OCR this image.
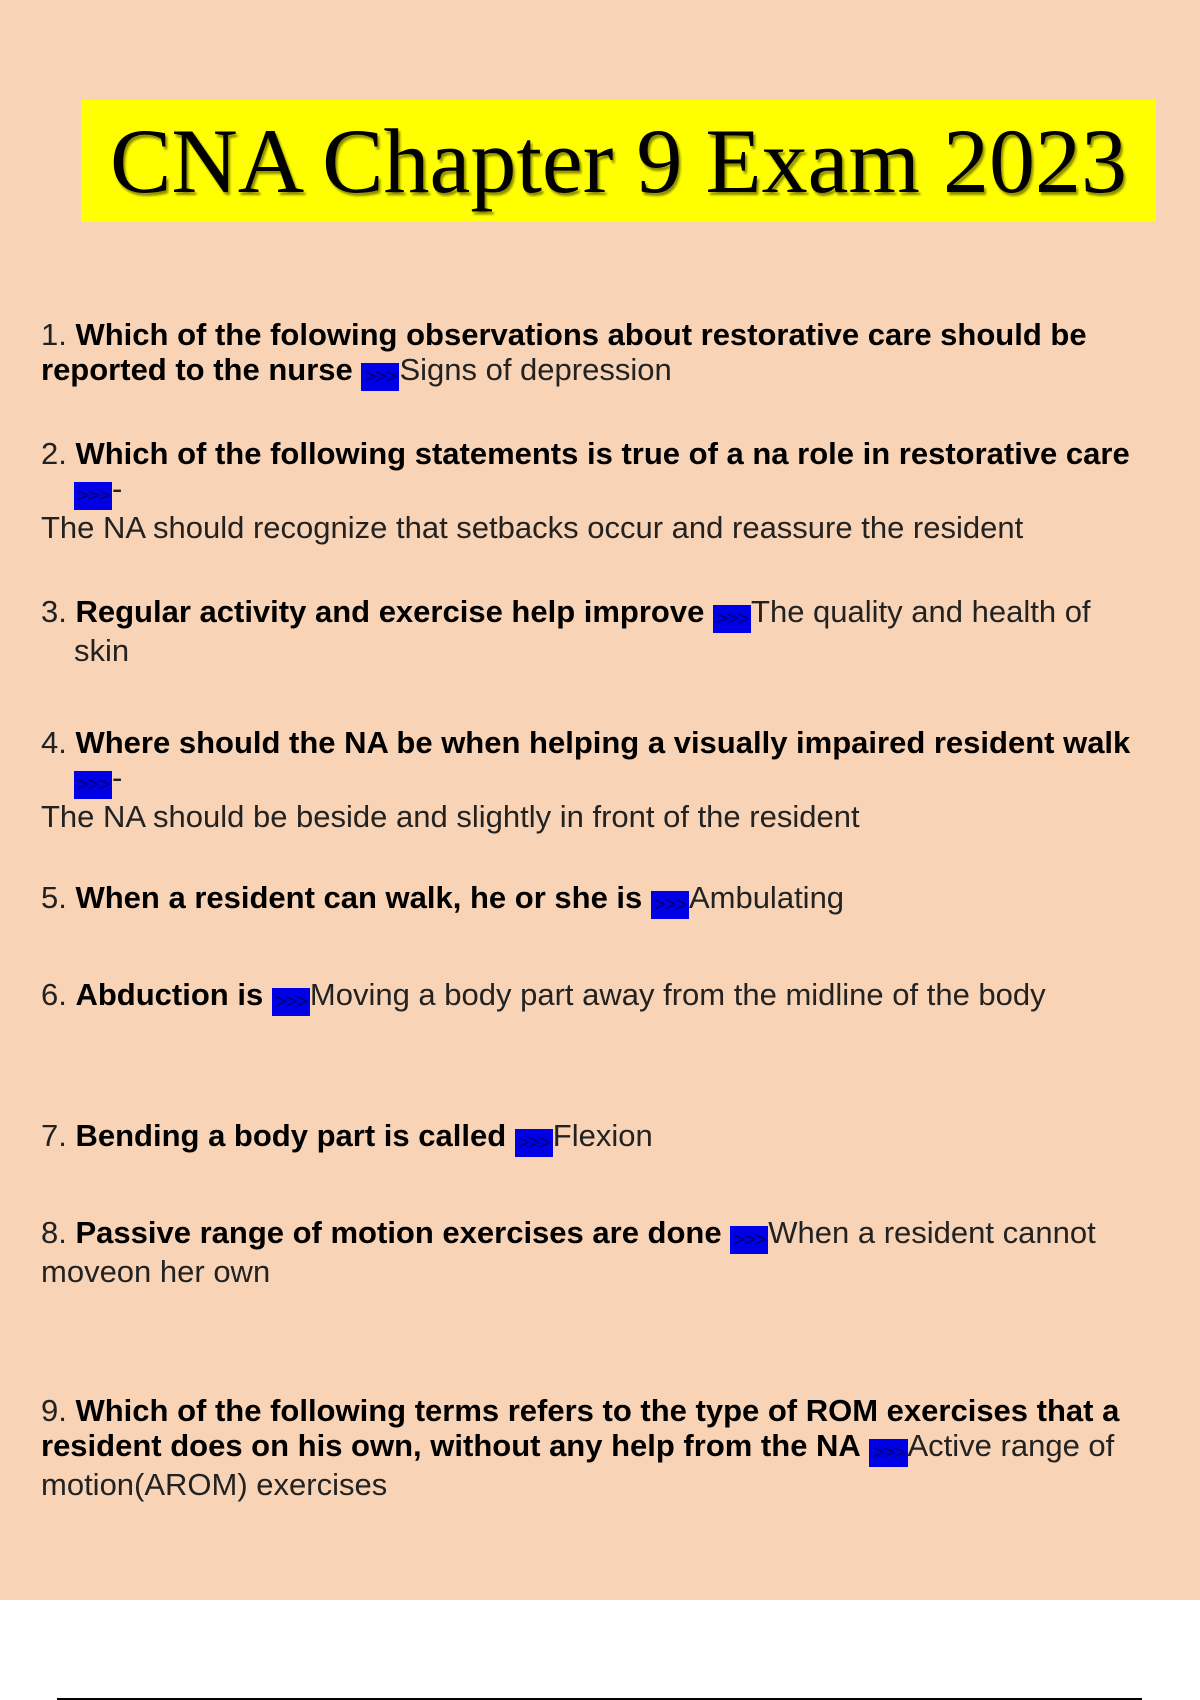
CNA Chapter 9 Exam 2023
1. Which of the folowing observations about restorative care should be reported to the nurse >>>Signs of depression
2. Which of the following statements is true of a na role in restorative care
>>>-
The NA should recognize that setbacks occur and reassure the resident
3. Regular activity and exercise help improve >>>The quality and health of
skin
4. Where should the NA be when helping a visually impaired resident walk
>>>-
The NA should be beside and slightly in front of the resident
5. When a resident can walk, he or she is >>>Ambulating
6. Abduction is >>>Moving a body part away from the midline of the body
7. Bending a body part is called >>>Flexion
8. Passive range of motion exercises are done >>>When a resident cannot moveon her own
9. Which of the following terms refers to the type of ROM exercises that a resident does on his own, without any help from the NA >>>Active range of motion(AROM) exercises
